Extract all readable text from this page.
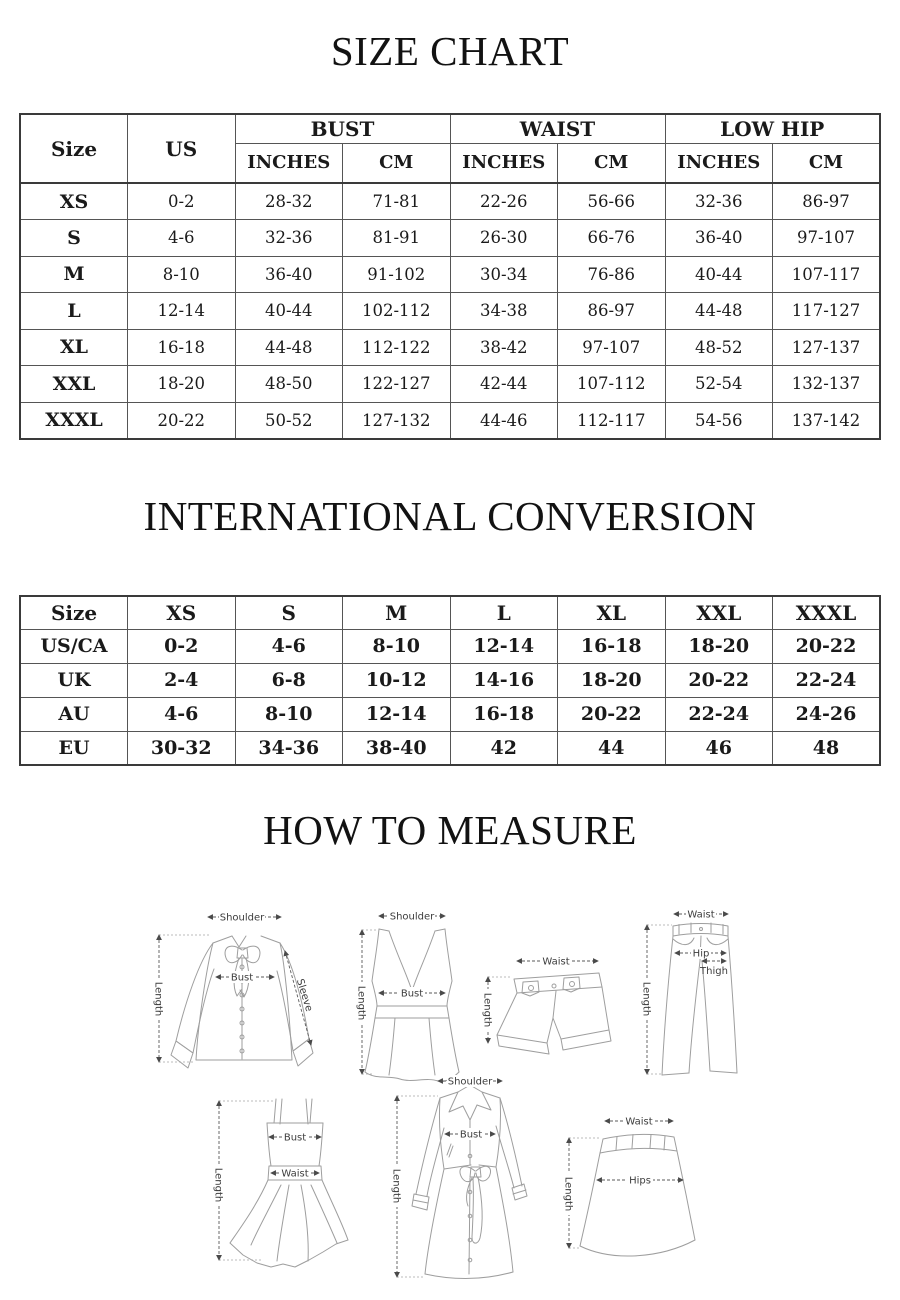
SIZE CHART
Size	US	BUST		WAIST		LOW HIP	
		INCHES	CM	INCHES	CM	INCHES	CM
XS	0-2	28-32	71-81	22-26	56-66	32-36	86-97
S	4-6	32-36	81-91	26-30	66-76	36-40	97-107
M	8-10	36-40	91-102	30-34	76-86	40-44	107-117
L	12-14	40-44	102-112	34-38	86-97	44-48	117-127
XL	16-18	44-48	112-122	38-42	97-107	48-52	127-137
XXL	18-20	48-50	122-127	42-44	107-112	52-54	132-137
XXXL	20-22	50-52	127-132	44-46	112-117	54-56	137-142
INTERNATIONAL CONVERSION
Size	XS	S	M	L	XL	XXL	XXXL
US/CA	0-2	4-6	8-10	12-14	16-18	18-20	20-22
UK	2-4	6-8	10-12	14-16	18-20	20-22	22-24
AU	4-6	8-10	12-14	16-18	20-22	22-24	24-26
EU	30-32	34-36	38-40	42	44	46	48
HOW TO MEASURE
Shoulder
Length
Bust	Sleeve
Shoulder
Bust
Length
Waist
Length
Waist
Hip
Thigh
Length
Bust
Waist
Length
Shoulder
Bust
Length
Waist
Hips
Length
